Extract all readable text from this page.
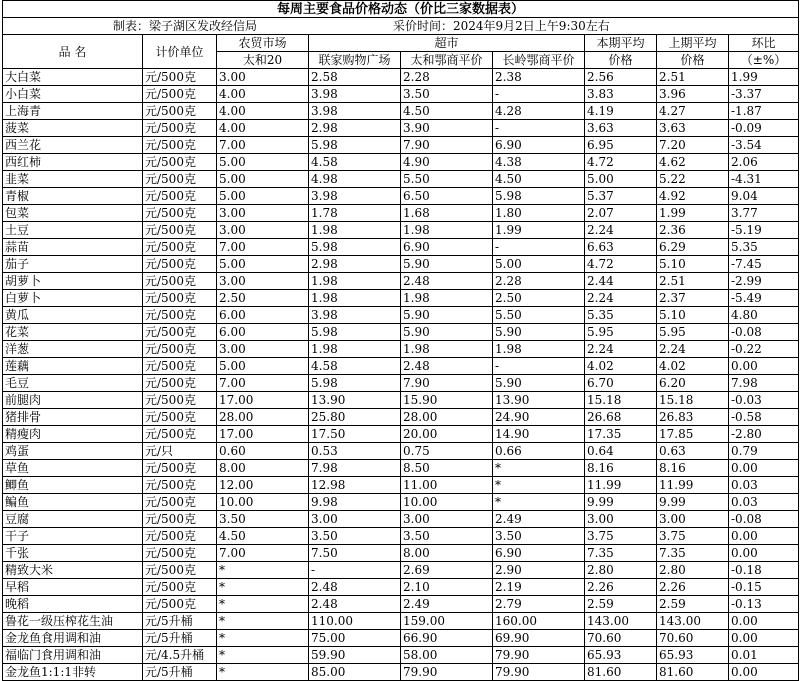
每周主要食品价格动态（价比三家数据表）								

制表：梁子湖区发改经信局 采价时间：2024年9月2日上午9:30左右								

品 名	计价单位	农贸市场	超市			本期平均	上期平均	环比
		太和20	联家购物广场	太和鄂商平价	长岭鄂商平价	价格	价格	（±%）
大白菜	元/500克	3.00	2.58	2.28	2.38	2.56	2.51	1.99
小白菜	元/500克	4.00	3.98	3.50	-	3.83	3.96	-3.37
上海青	元/500克	4.00	3.98	4.50	4.28	4.19	4.27	-1.87
菠菜	元/500克	4.00	2.98	3.90	-	3.63	3.63	-0.09
西兰花	元/500克	7.00	5.98	7.90	6.90	6.95	7.20	-3.54
西红柿	元/500克	5.00	4.58	4.90	4.38	4.72	4.62	2.06
韭菜	元/500克	5.00	4.98	5.50	4.50	5.00	5.22	-4.31
青椒	元/500克	5.00	3.98	6.50	5.98	5.37	4.92	9.04
包菜	元/500克	3.00	1.78	1.68	1.80	2.07	1.99	3.77
土豆	元/500克	3.00	1.98	1.98	1.99	2.24	2.36	-5.19
蒜苗	元/500克	7.00	5.98	6.90	-	6.63	6.29	5.35
茄子	元/500克	5.00	2.98	5.90	5.00	4.72	5.10	-7.45
胡萝卜	元/500克	3.00	1.98	2.48	2.28	2.44	2.51	-2.99
白萝卜	元/500克	2.50	1.98	1.98	2.50	2.24	2.37	-5.49
黄瓜	元/500克	6.00	3.98	5.90	5.50	5.35	5.10	4.80
花菜	元/500克	6.00	5.98	5.90	5.90	5.95	5.95	-0.08
洋葱	元/500克	3.00	1.98	1.98	1.98	2.24	2.24	-0.22
莲藕	元/500克	5.00	4.58	2.48	-	4.02	4.02	0.00
毛豆	元/500克	7.00	5.98	7.90	5.90	6.70	6.20	7.98
前腿肉	元/500克	17.00	13.90	15.90	13.90	15.18	15.18	-0.03
猪排骨	元/500克	28.00	25.80	28.00	24.90	26.68	26.83	-0.58
精瘦肉	元/500克	17.00	17.50	20.00	14.90	17.35	17.85	-2.80
鸡蛋	元/只	0.60	0.53	0.75	0.66	0.64	0.63	0.79
草鱼	元/500克	8.00	7.98	8.50	*	8.16	8.16	0.00
鲫鱼	元/500克	12.00	12.98	11.00	*	11.99	11.99	0.03
鳊鱼	元/500克	10.00	9.98	10.00	*	9.99	9.99	0.03
豆腐	元/500克	3.50	3.00	3.00	2.49	3.00	3.00	-0.08
干子	元/500克	4.50	3.50	3.50	3.50	3.75	3.75	0.00
千张	元/500克	7.00	7.50	8.00	6.90	7.35	7.35	0.00
精致大米	元/500克	*	-	2.69	2.90	2.80	2.80	-0.18
早稻	元/500克	*	2.48	2.10	2.19	2.26	2.26	-0.15
晚稻	元/500克	*	2.48	2.49	2.79	2.59	2.59	-0.13
鲁花一级压榨花生油	元/5升桶	*	110.00	159.00	160.00	143.00	143.00	0.00
金龙鱼食用调和油	元/5升桶	*	75.00	66.90	69.90	70.60	70.60	0.00
福临门食用调和油	元/4.5升桶	*	59.90	58.00	79.90	65.93	65.93	0.01
金龙鱼1:1:1非转	元/5升桶	*	85.00	79.90	79.90	81.60	81.60	0.00
